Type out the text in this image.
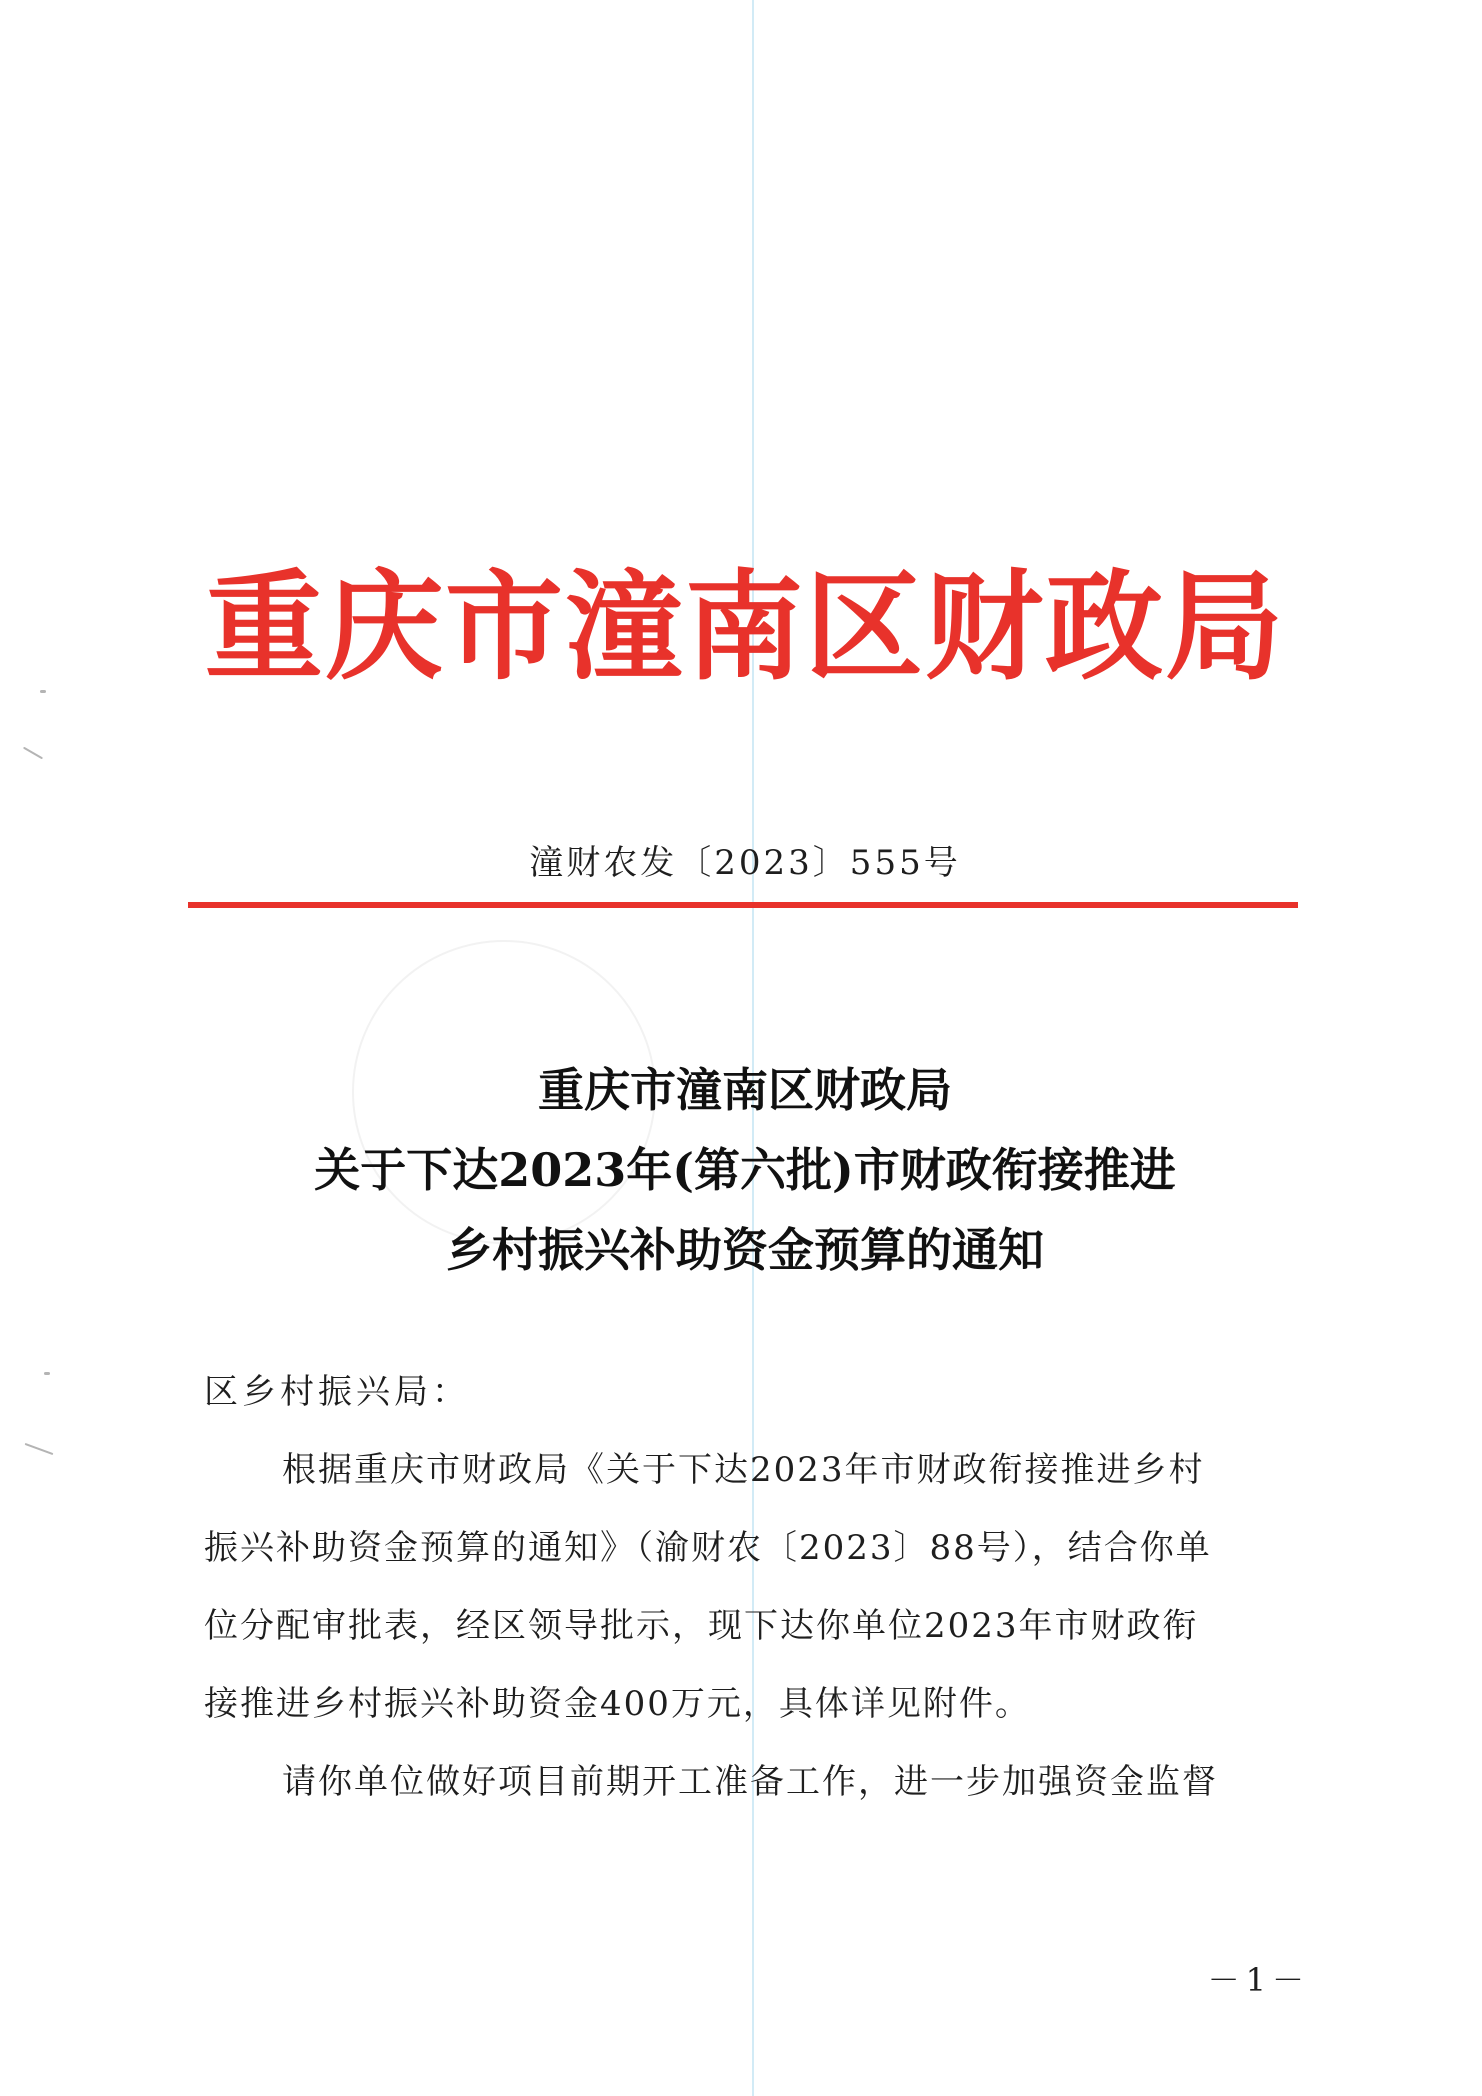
重庆市潼南区财政局
潼财农发〔2023〕555号
重庆市潼南区财政局
关于下达2023年(第六批)市财政衔接推进
乡村振兴补助资金预算的通知
区乡村振兴局：
根据重庆市财政局《关于下达2023年市财政衔接推进乡村
振兴补助资金预算的通知》（渝财农〔2023〕88号），结合你单
位分配审批表，经区领导批示，现下达你单位2023年市财政衔
接推进乡村振兴补助资金400万元，具体详见附件。
请你单位做好项目前期开工准备工作，进一步加强资金监督
－1－
